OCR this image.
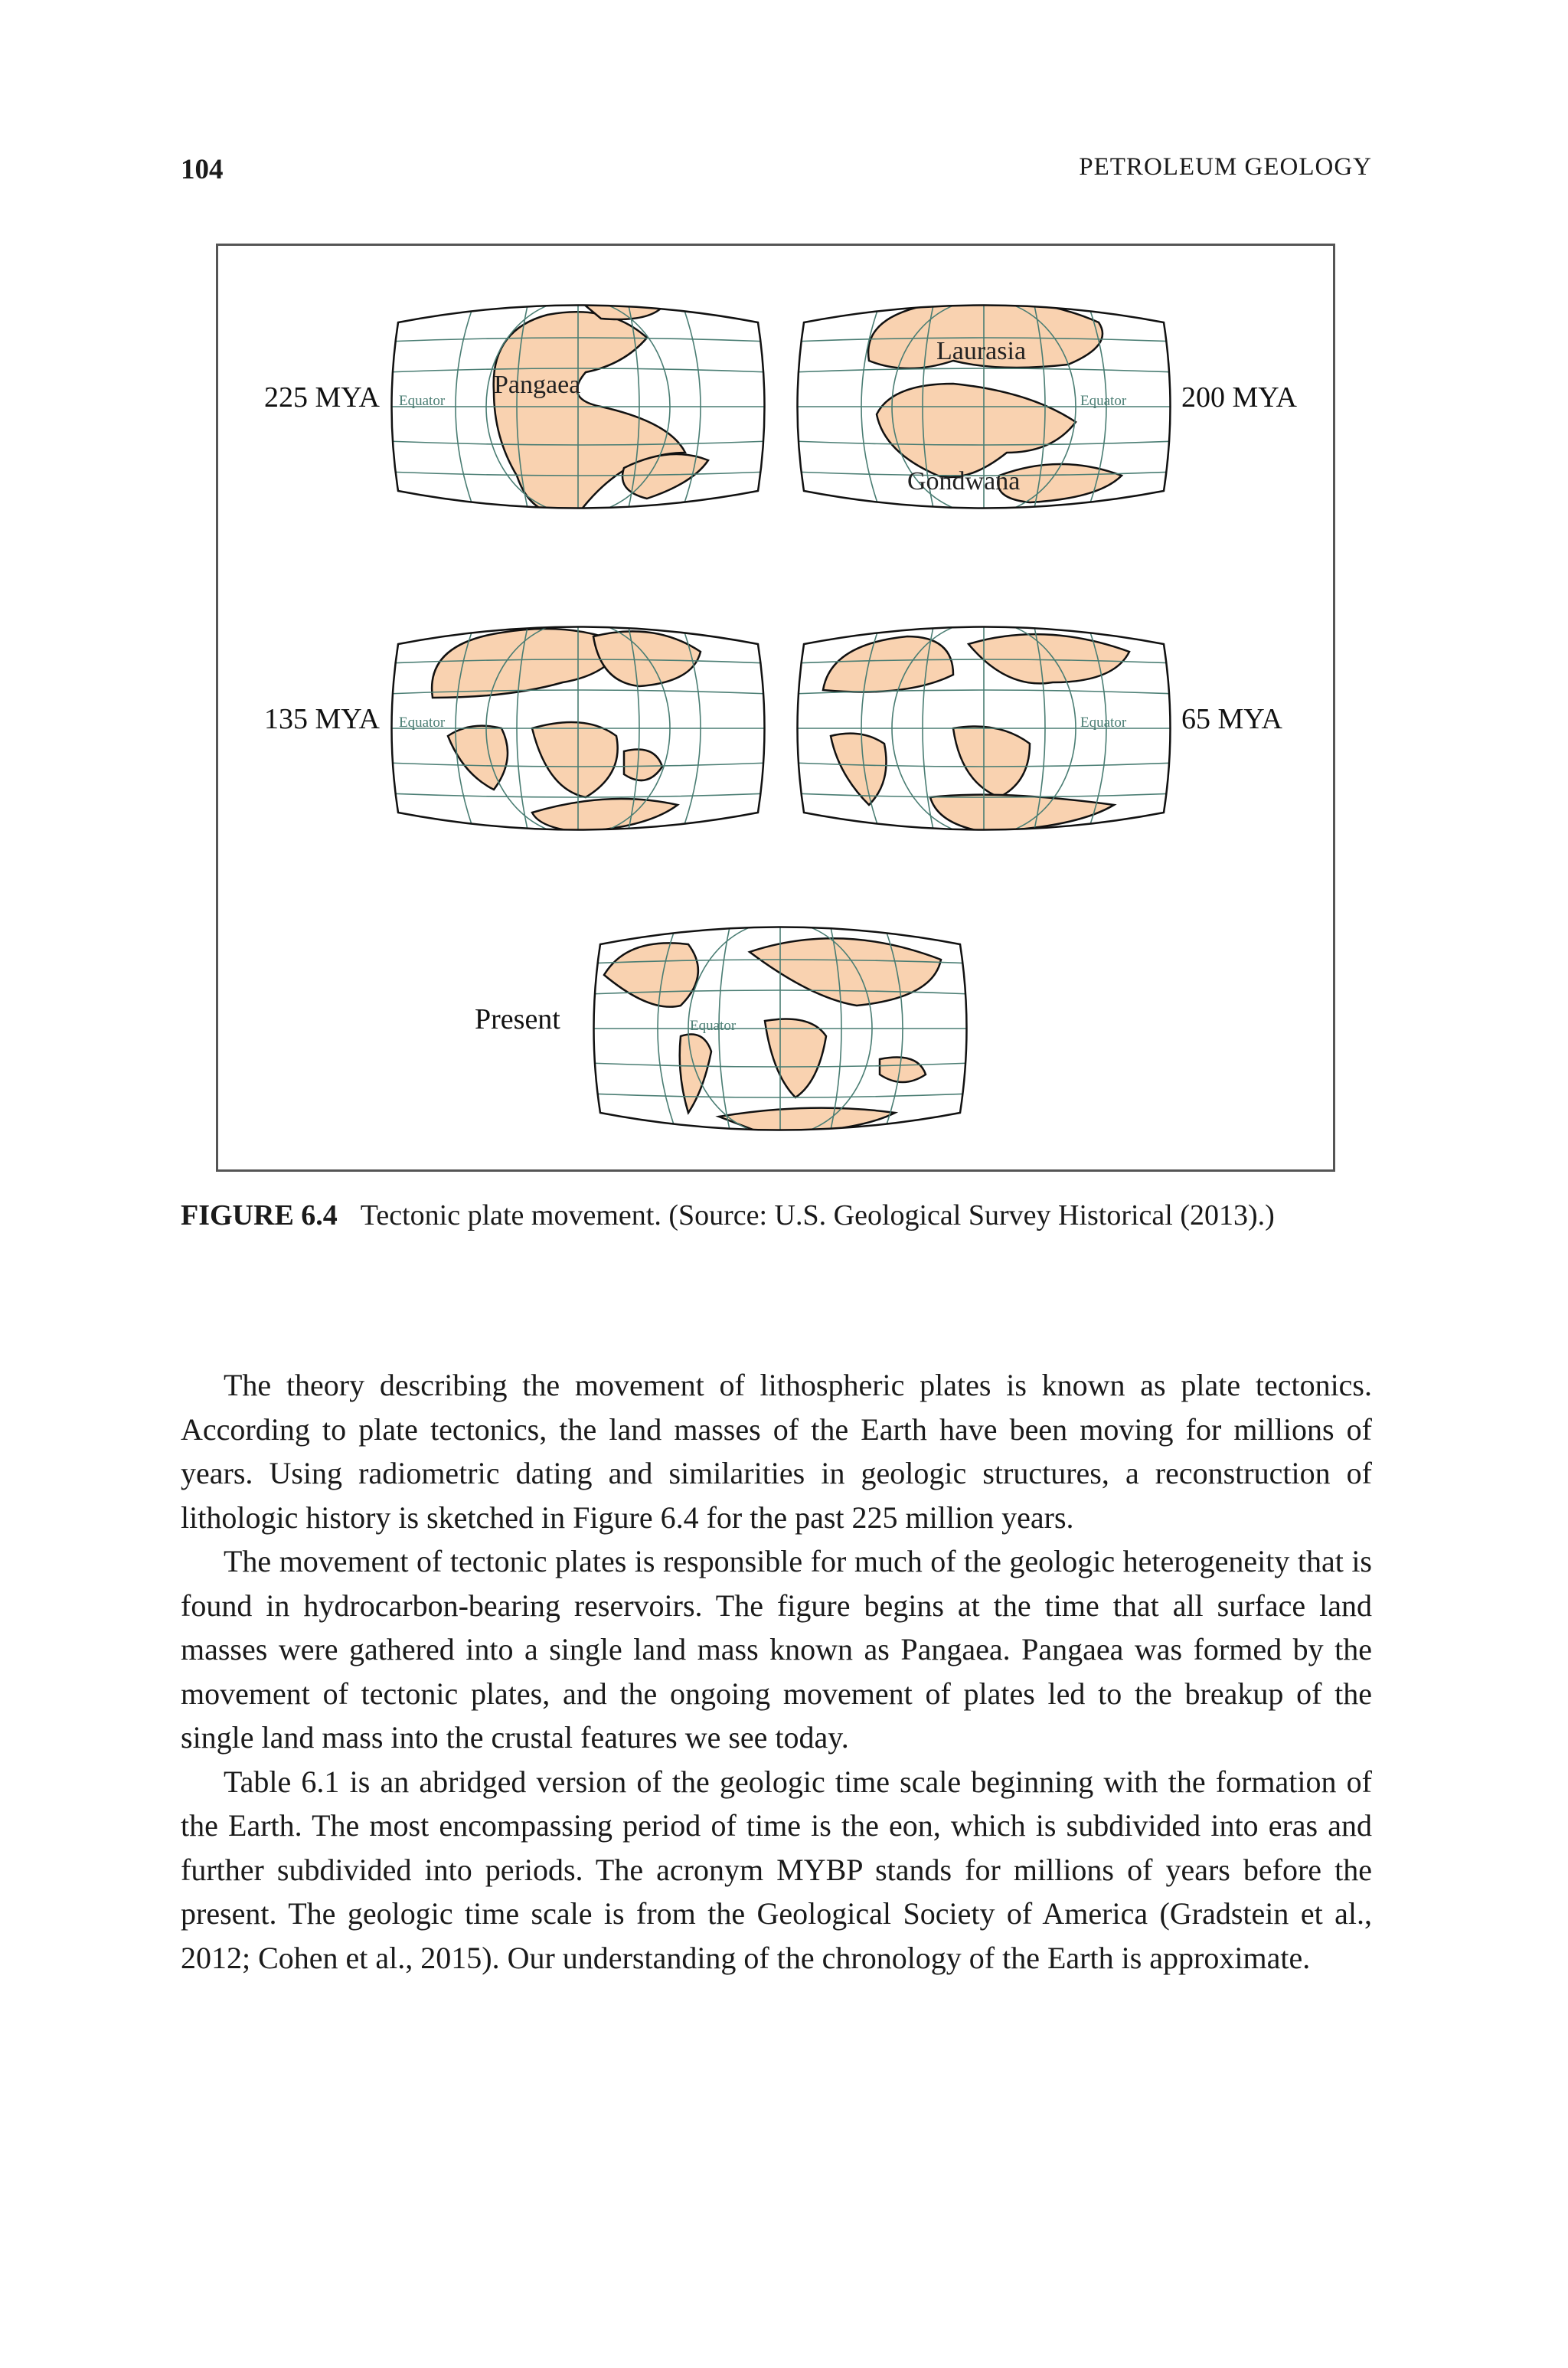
104	PETROLEUM GEOLOGY
225 MYA	200 MYA
135 MYA	65 MYA
Present
Equator	Equator
Equator	Equator
Equator
Pangaea
Laurasia
Gondwana
FIGURE 6.4 Tectonic plate movement. (Source: U.S. Geological Survey Historical (2013).)

The theory describing the movement of lithospheric plates is known as plate tectonics. According to plate tectonics, the land masses of the Earth have been moving for millions of years. Using radiometric dating and similarities in geologic structures, a reconstruction of lithologic history is sketched in Figure 6.4 for the past 225 million years.

The movement of tectonic plates is responsible for much of the geologic heterogeneity that is found in hydrocarbon-bearing reservoirs. The figure begins at the time that all surface land masses were gathered into a single land mass known as Pangaea. Pangaea was formed by the movement of tectonic plates, and the ongoing movement of plates led to the breakup of the single land mass into the crustal features we see today.

Table 6.1 is an abridged version of the geologic time scale beginning with the formation of the Earth. The most encompassing period of time is the eon, which is subdivided into eras and further subdivided into periods. The acronym MYBP stands for millions of years before the present. The geologic time scale is from the Geological Society of America (Gradstein et al., 2012; Cohen et al., 2015). Our understanding of the chronology of the Earth is approximate.
